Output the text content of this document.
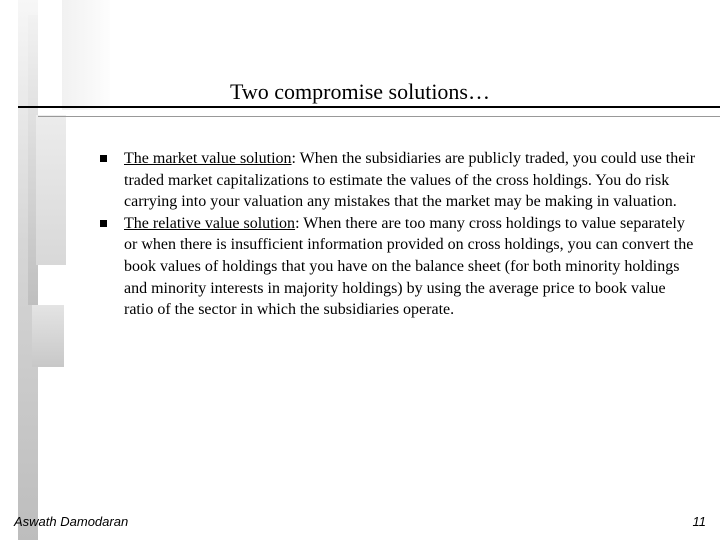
Two compromise solutions…
The market value solution: When the subsidiaries are publicly traded, you could use their traded market capitalizations to estimate the values of the cross holdings. You do risk carrying into your valuation any mistakes that the market may be making in valuation.
The relative value solution: When there are too many cross holdings to value separately or when there is insufficient information provided on cross holdings, you can convert the book values of holdings that you have on the balance sheet (for both minority holdings and minority interests in majority holdings) by using the average price to book value ratio of the sector in which the subsidiaries operate.
Aswath Damodaran	11
